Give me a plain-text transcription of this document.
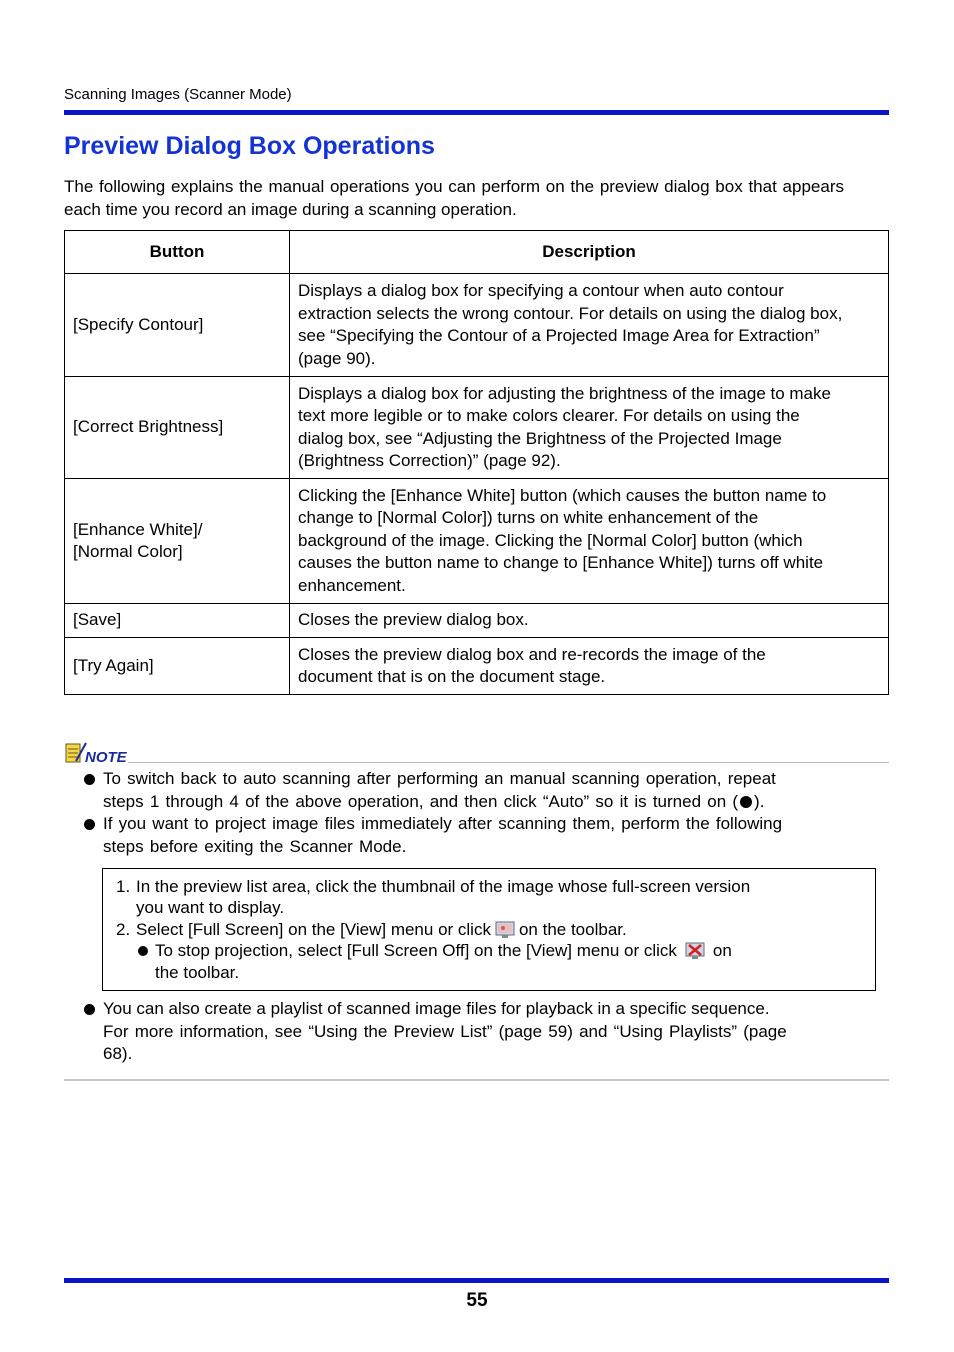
Scanning Images (Scanner Mode)
Preview Dialog Box Operations
The following explains the manual operations you can perform on the preview dialog box that appears each time you record an image during a scanning operation.
Button	Description
[Specify Contour]	Displays a dialog box for specifying a contour when auto contour extraction selects the wrong contour. For details on using the dialog box, see “Specifying the Contour of a Projected Image Area for Extraction” (page 90).
[Correct Brightness]	Displays a dialog box for adjusting the brightness of the image to make text more legible or to make colors clearer. For details on using the dialog box, see “Adjusting the Brightness of the Projected Image (Brightness Correction)” (page 92).

[Enhance White]/ [Normal Color]	Clicking the [Enhance White] button (which causes the button name to change to [Normal Color]) turns on white enhancement of the background of the image. Clicking the [Normal Color] button (which causes the button name to change to [Enhance White]) turns off white enhancement.
[Save]	Closes the preview dialog box.
[Try Again]	Closes the preview dialog box and re-records the image of the document that is on the document stage.
NOTE
To switch back to auto scanning after performing an manual scanning operation, repeat
steps 1 through 4 of the above operation, and then click “Auto” so it is turned on ( ).
If you want to project image files immediately after scanning them, perform the following
steps before exiting the Scanner Mode.
1. In the preview list area, click the thumbnail of the image whose full-screen version
you want to display.
2. Select [Full Screen] on the [View] menu or click on the toolbar.
To stop projection, select [Full Screen Off] on the [View] menu or click on
the toolbar.
You can also create a playlist of scanned image files for playback in a specific sequence.
For more information, see “Using the Preview List” (page 59) and “Using Playlists” (page
68).
55
